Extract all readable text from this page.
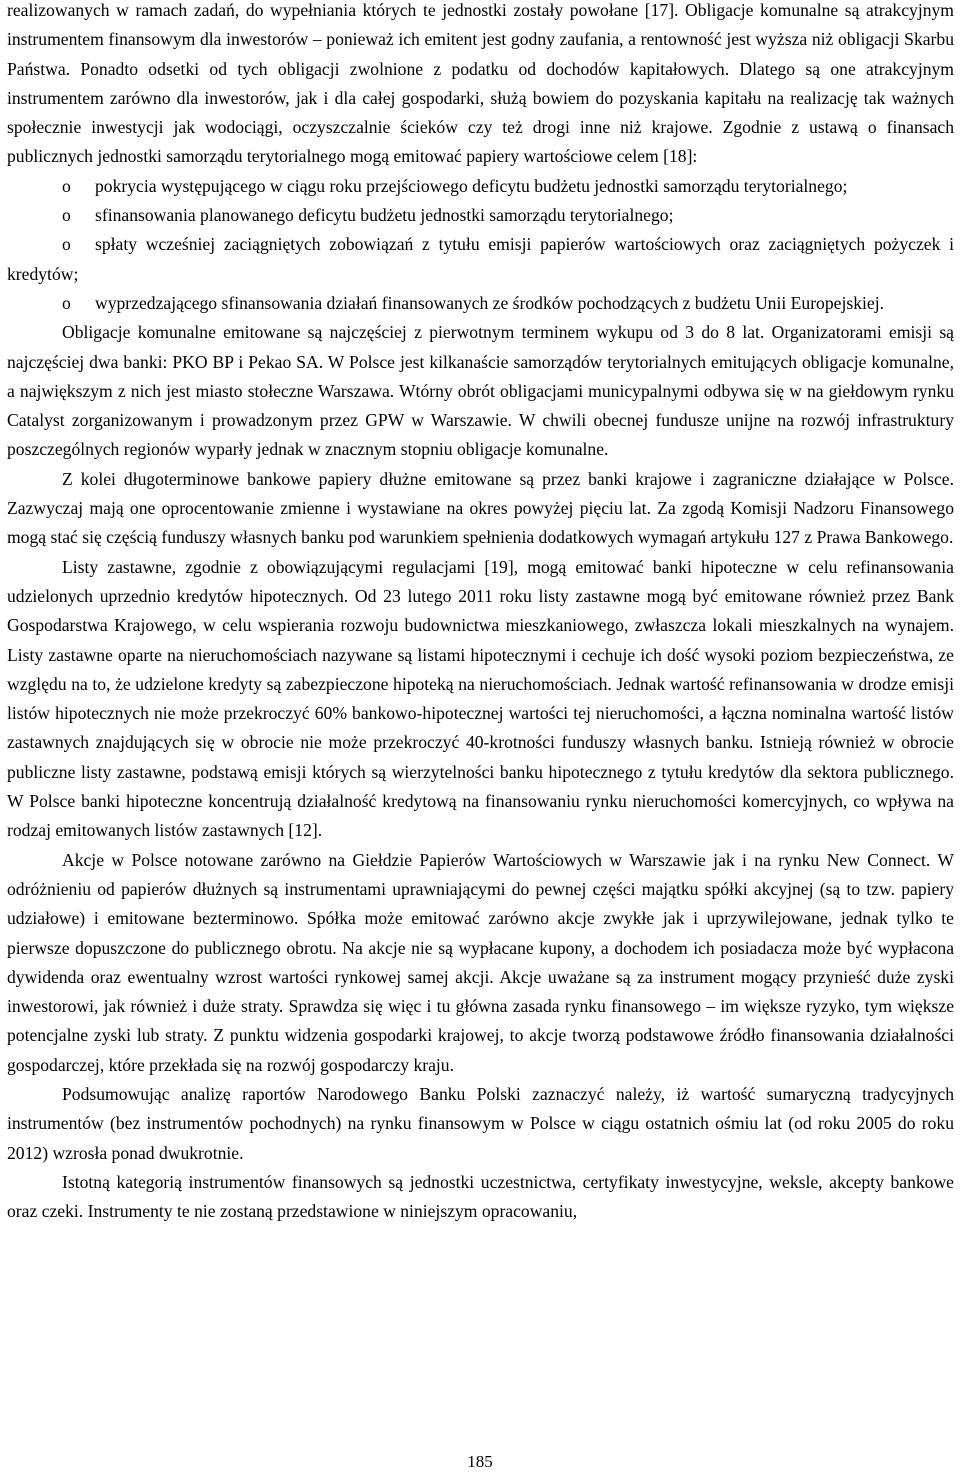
realizowanych w ramach zadań, do wypełniania których te jednostki zostały powołane [17]. Obligacje komunalne są atrakcyjnym instrumentem finansowym dla inwestorów – ponieważ ich emitent jest godny zaufania, a rentowność jest wyższa niż obligacji Skarbu Państwa. Ponadto odsetki od tych obligacji zwolnione z podatku od dochodów kapitałowych. Dlatego są one atrakcyjnym instrumentem zarówno dla inwestorów, jak i dla całej gospodarki, służą bowiem do pozyskania kapitału na realizację tak ważnych społecznie inwestycji jak wodociągi, oczyszczalnie ścieków czy też drogi inne niż krajowe. Zgodnie z ustawą o finansach publicznych jednostki samorządu terytorialnego mogą emitować papiery wartościowe celem [18]:

o pokrycia występującego w ciągu roku przejściowego deficytu budżetu jednostki samorządu terytorialnego;

o sfinansowania planowanego deficytu budżetu jednostki samorządu terytorialnego;

o spłaty wcześniej zaciągniętych zobowiązań z tytułu emisji papierów wartościowych oraz zaciągniętych pożyczek i kredytów;

o wyprzedzającego sfinansowania działań finansowanych ze środków pochodzących z budżetu Unii Europejskiej.

Obligacje komunalne emitowane są najczęściej z pierwotnym terminem wykupu od 3 do 8 lat. Organizatorami emisji są najczęściej dwa banki: PKO BP i Pekao SA. W Polsce jest kilkanaście samorządów terytorialnych emitujących obligacje komunalne, a największym z nich jest miasto stołeczne Warszawa. Wtórny obrót obligacjami municypalnymi odbywa się w na giełdowym rynku Catalyst zorganizowanym i prowadzonym przez GPW w Warszawie. W chwili obecnej fundusze unijne na rozwój infrastruktury poszczególnych regionów wyparły jednak w znacznym stopniu obligacje komunalne.

Z kolei długoterminowe bankowe papiery dłużne emitowane są przez banki krajowe i zagraniczne działające w Polsce. Zazwyczaj mają one oprocentowanie zmienne i wystawiane na okres powyżej pięciu lat. Za zgodą Komisji Nadzoru Finansowego mogą stać się częścią funduszy własnych banku pod warunkiem spełnienia dodatkowych wymagań artykułu 127 z Prawa Bankowego.

Listy zastawne, zgodnie z obowiązującymi regulacjami [19], mogą emitować banki hipoteczne w celu refinansowania udzielonych uprzednio kredytów hipotecznych. Od 23 lutego 2011 roku listy zastawne mogą być emitowane również przez Bank Gospodarstwa Krajowego, w celu wspierania rozwoju budownictwa mieszkaniowego, zwłaszcza lokali mieszkalnych na wynajem. Listy zastawne oparte na nieruchomościach nazywane są listami hipotecznymi i cechuje ich dość wysoki poziom bezpieczeństwa, ze względu na to, że udzielone kredyty są zabezpieczone hipoteką na nieruchomościach. Jednak wartość refinansowania w drodze emisji listów hipotecznych nie może przekroczyć 60% bankowo-hipotecznej wartości tej nieruchomości, a łączna nominalna wartość listów zastawnych znajdujących się w obrocie nie może przekroczyć 40-krotności funduszy własnych banku. Istnieją również w obrocie publiczne listy zastawne, podstawą emisji których są wierzytelności banku hipotecznego z tytułu kredytów dla sektora publicznego. W Polsce banki hipoteczne koncentrują działalność kredytową na finansowaniu rynku nieruchomości komercyjnych, co wpływa na rodzaj emitowanych listów zastawnych [12].

Akcje w Polsce notowane zarówno na Giełdzie Papierów Wartościowych w Warszawie jak i na rynku New Connect. W odróżnieniu od papierów dłużnych są instrumentami uprawniającymi do pewnej części majątku spółki akcyjnej (są to tzw. papiery udziałowe) i emitowane bezterminowo. Spółka może emitować zarówno akcje zwykłe jak i uprzywilejowane, jednak tylko te pierwsze dopuszczone do publicznego obrotu. Na akcje nie są wypłacane kupony, a dochodem ich posiadacza może być wypłacona dywidenda oraz ewentualny wzrost wartości rynkowej samej akcji. Akcje uważane są za instrument mogący przynieść duże zyski inwestorowi, jak również i duże straty. Sprawdza się więc i tu główna zasada rynku finansowego – im większe ryzyko, tym większe potencjalne zyski lub straty. Z punktu widzenia gospodarki krajowej, to akcje tworzą podstawowe źródło finansowania działalności gospodarczej, które przekłada się na rozwój gospodarczy kraju.

Podsumowując analizę raportów Narodowego Banku Polski zaznaczyć należy, iż wartość sumaryczną tradycyjnych instrumentów (bez instrumentów pochodnych) na rynku finansowym w Polsce w ciągu ostatnich ośmiu lat (od roku 2005 do roku 2012) wzrosła ponad dwukrotnie.

Istotną kategorią instrumentów finansowych są jednostki uczestnictwa, certyfikaty inwestycyjne, weksle, akcepty bankowe oraz czeki. Instrumenty te nie zostaną przedstawione w niniejszym opracowaniu,

185
